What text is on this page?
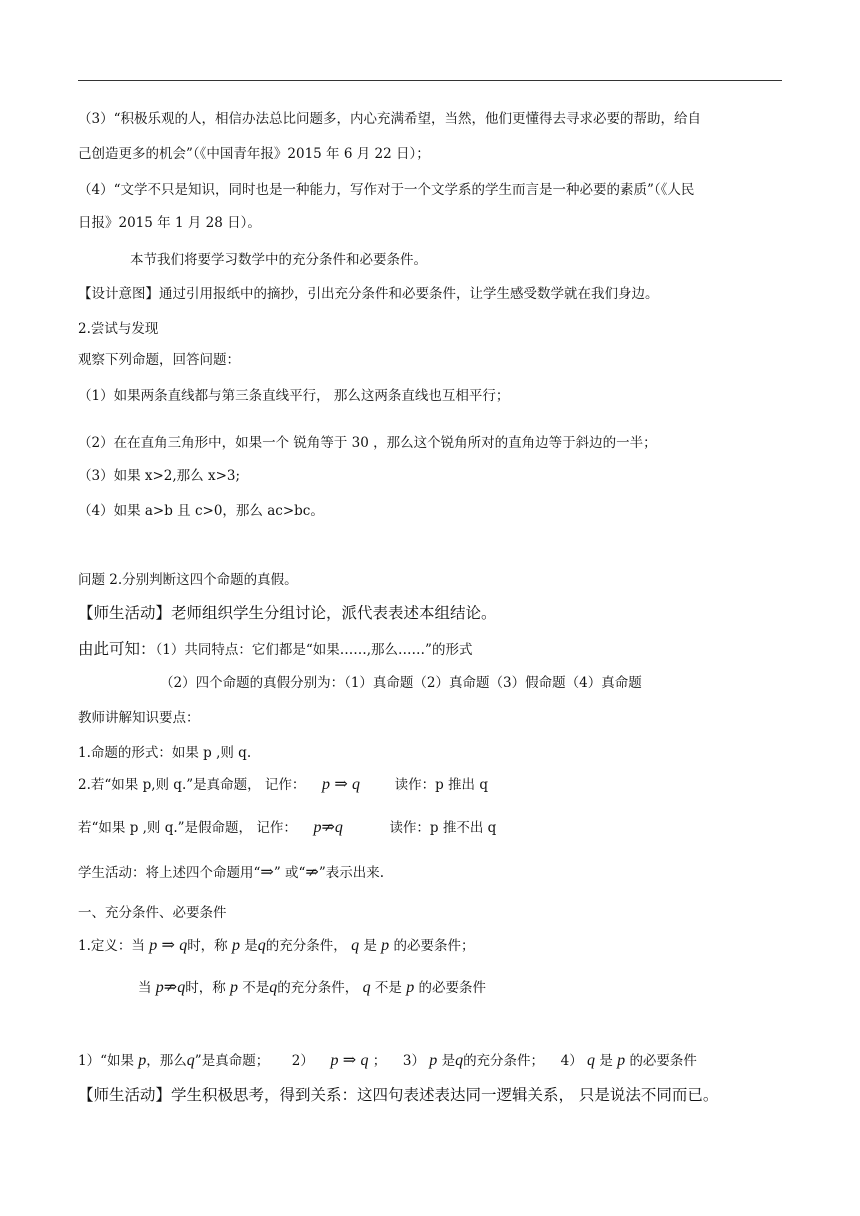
（3）“积极乐观的人，相信办法总比问题多，内心充满希望，当然，他们更懂得去寻求必要的帮助，给自
己创造更多的机会”（《中国青年报》2015 年 6 月 22 日）；
（4）“文学不只是知识，同时也是一种能力，写作对于一个文学系的学生而言是一种必要的素质”（《人民
日报》2015 年 1 月 28 日）。
本节我们将要学习数学中的充分条件和必要条件。
【设计意图】通过引用报纸中的摘抄，引出充分条件和必要条件，让学生感受数学就在我们身边。
2.尝试与发现
观察下列命题，回答问题：
（1）如果两条直线都与第三条直线平行， 那么这两条直线也互相平行；
（2）在在直角三角形中，如果一个 锐角等于 30 ，那么这个锐角所对的直角边等于斜边的一半；
（3）如果 x>2,那么 x>3;
（4）如果 a>b 且 c>0，那么 ac>bc。
问题 2.分别判断这四个命题的真假。
【师生活动】老师组织学生分组讨论，派代表表述本组结论。
由此可知：（1）共同特点：它们都是“如果……,那么……”的形式
（2）四个命题的真假分别为：（1）真命题（2）真命题（3）假命题（4）真命题
教师讲解知识要点：
1.命题的形式：如果 p ,则 q.
2.若“如果 p,则 q.”是真命题， 记作： p ⇒ q	读作：p 推出 q
若“如果 p ,则 q.”是假命题， 记作： p⇒q	读作：p 推不出 q
学生活动：将上述四个命题用“⇒” 或“⇒”表示出来.
一、充分条件、必要条件
1.定义：当 p ⇒ q时，称 p 是q的充分条件， q 是 p 的必要条件；
当 p⇒q时，称 p 不是q的充分条件， q 不是 p 的必要条件
1）“如果 p，那么q”是真命题； 2） p ⇒ q ； 3） p 是q的充分条件； 4） q 是 p 的必要条件
【师生活动】学生积极思考，得到关系：这四句表述表达同一逻辑关系， 只是说法不同而已。
